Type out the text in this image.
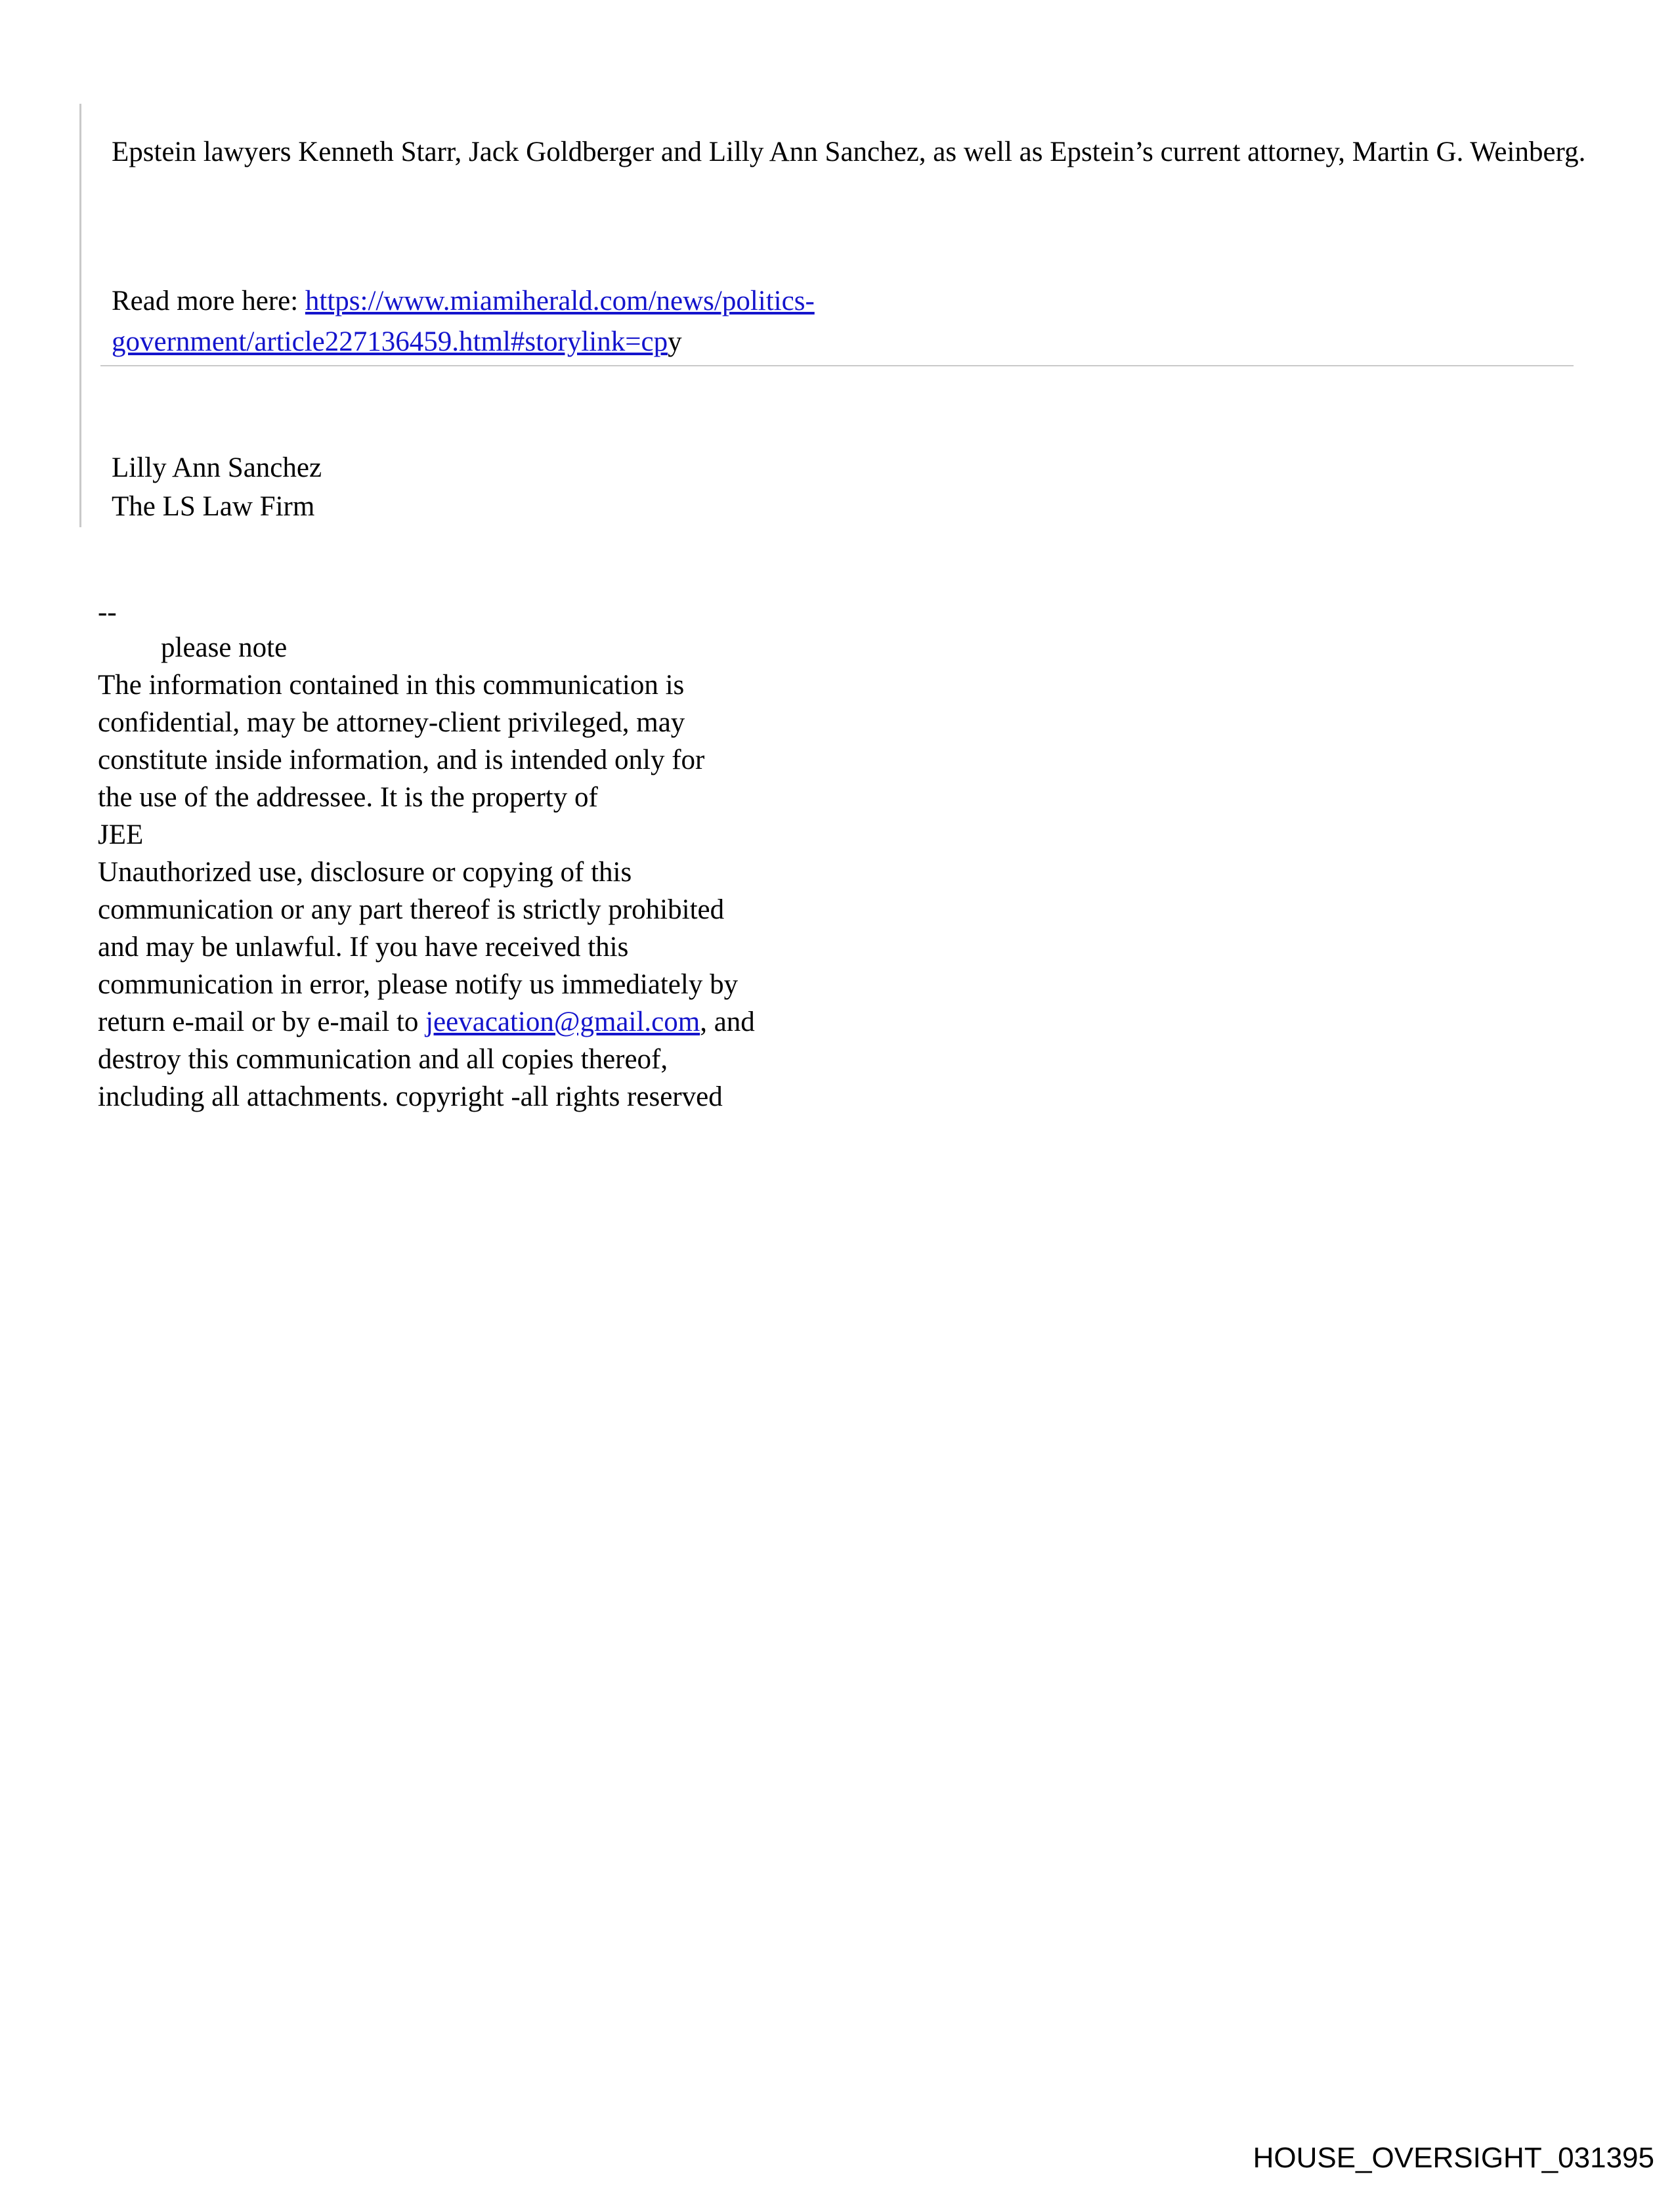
Epstein lawyers Kenneth Starr, Jack Goldberger and Lilly Ann Sanchez, as well as Epstein’s current attorney, Martin G. Weinberg.

Read more here: https://www.miamiherald.com/news/politics-
government/article227136459.html#storylink=cpy

Lilly Ann Sanchez
The LS Law Firm
--
please note
The information contained in this communication is
confidential, may be attorney-client privileged, may
constitute inside information, and is intended only for
the use of the addressee. It is the property of
JEE
Unauthorized use, disclosure or copying of this
communication or any part thereof is strictly prohibited
and may be unlawful. If you have received this
communication in error, please notify us immediately by
return e-mail or by e-mail to jeevacation@gmail.com, and
destroy this communication and all copies thereof,
including all attachments. copyright -all rights reserved
HOUSE_OVERSIGHT_031395
